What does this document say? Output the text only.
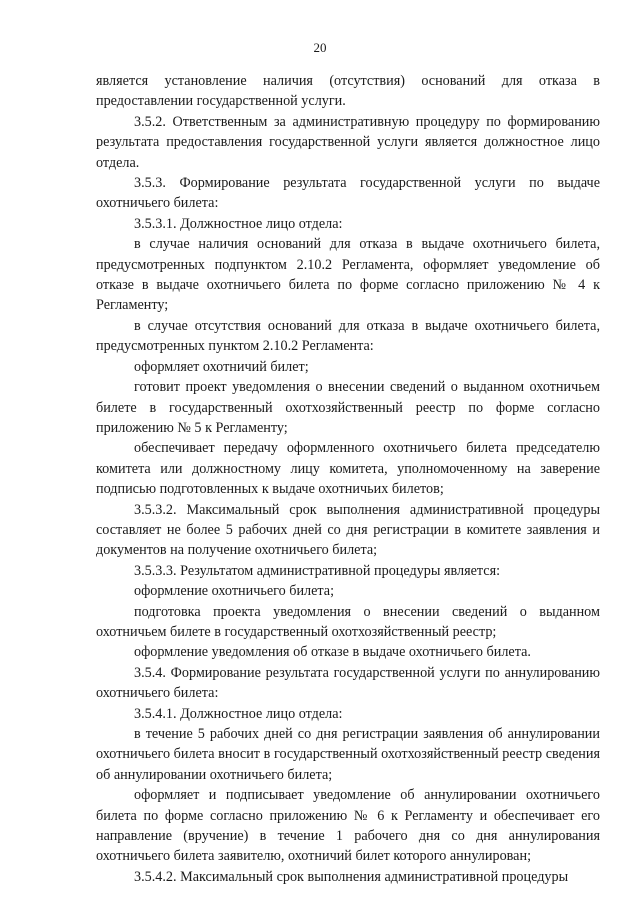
20

является установление наличия (отсутствия) оснований для отказа в предоставлении государственной услуги.

3.5.2. Ответственным за административную процедуру по формированию результата предоставления государственной услуги является должностное лицо отдела.

3.5.3. Формирование результата государственной услуги по выдаче охотничьего билета:

3.5.3.1. Должностное лицо отдела:

в случае наличия оснований для отказа в выдаче охотничьего билета, предусмотренных подпунктом 2.10.2 Регламента, оформляет уведомление об отказе в выдаче охотничьего билета по форме согласно приложению № 4 к Регламенту;

в случае отсутствия оснований для отказа в выдаче охотничьего билета, предусмотренных пунктом 2.10.2 Регламента:

оформляет охотничий билет;

готовит проект уведомления о внесении сведений о выданном охотничьем билете в государственный охотхозяйственный реестр по форме согласно приложению № 5 к Регламенту;

обеспечивает передачу оформленного охотничьего билета председателю комитета или должностному лицу комитета, уполномоченному на заверение подписью подготовленных к выдаче охотничьих билетов;

3.5.3.2. Максимальный срок выполнения административной процедуры составляет не более 5 рабочих дней со дня регистрации в комитете заявления и документов на получение охотничьего билета;

3.5.3.3. Результатом административной процедуры является:

оформление охотничьего билета;

подготовка проекта уведомления о внесении сведений о выданном охотничьем билете в государственный охотхозяйственный реестр;

оформление уведомления об отказе в выдаче охотничьего билета.

3.5.4. Формирование результата государственной услуги по аннулированию охотничьего билета:

3.5.4.1. Должностное лицо отдела:

в течение 5 рабочих дней со дня регистрации заявления об аннулировании охотничьего билета вносит в государственный охотхозяйственный реестр сведения об аннулировании охотничьего билета;

оформляет и подписывает уведомление об аннулировании охотничьего билета по форме согласно приложению № 6 к Регламенту и обеспечивает его направление (вручение) в течение 1 рабочего дня со дня аннулирования охотничьего билета заявителю, охотничий билет которого аннулирован;

3.5.4.2. Максимальный срок выполнения административной процедуры
